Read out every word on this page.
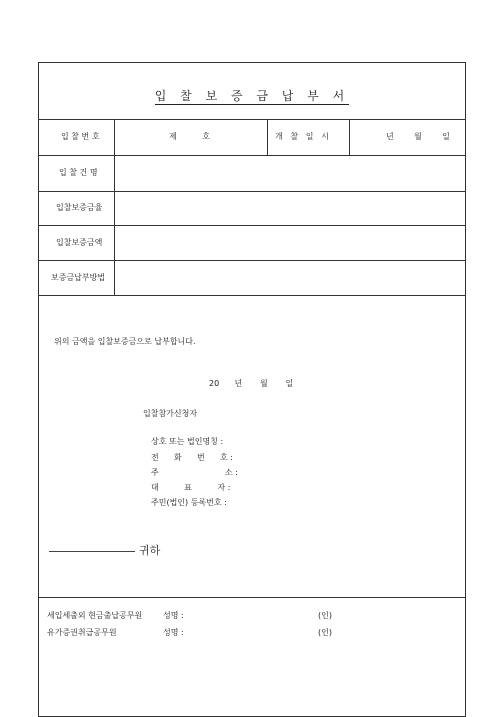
입 찰 보 증 금 납 부 서
입 찰 번 호	제          호	개   찰   일   시	년        월        일
입 찰 건 명
입찰보증금율
입찰보증금액
보증금납부방법
위의 금액을 입찰보증금으로 납부합니다.
20      년       월       일
입찰참가신청자
상호 또는 법인명칭 :
전      화      번      호 :
주                          소 :
대          표          자 :
주민(법인) 등록번호 :
귀하
세입세출외 현금출납공무원	성명 :	(인)
유가증권취급공무원	성명 :	(인)
